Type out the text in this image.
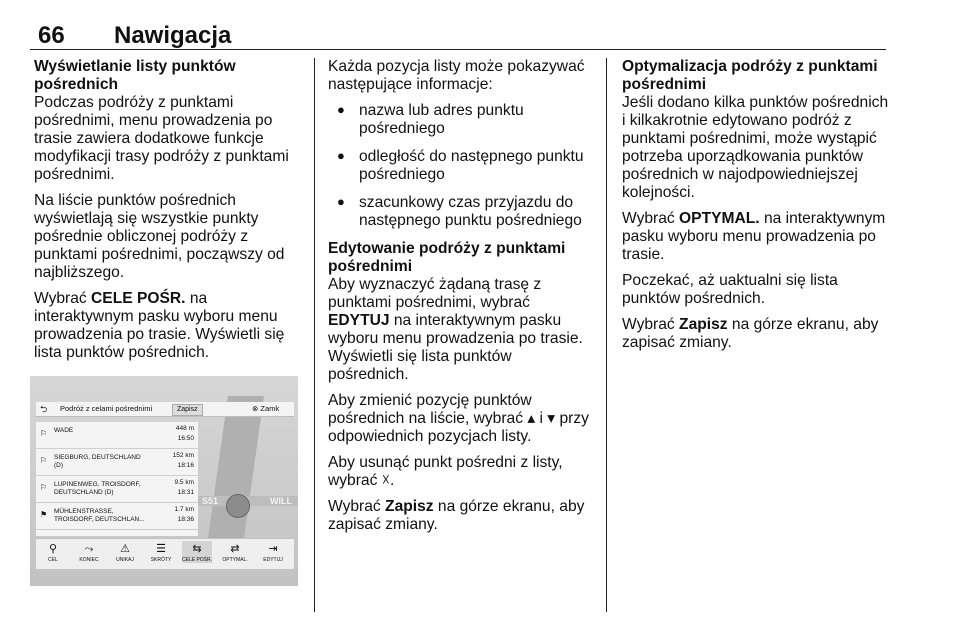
66 Nawigacja
Wyświetlanie listy punktów pośrednich

Podczas podróży z punktami pośrednimi, menu prowadzenia po trasie zawiera dodatkowe funkcje modyfikacji trasy podróży z punktami pośrednimi.

Na liście punktów pośrednich wyświetlają się wszystkie punkty pośrednie obliczonej podróży z punktami pośrednimi, począwszy od najbliższego.

Wybrać CELE POŚR. na interaktywnym pasku wyboru menu prowadzenia po trasie. Wyświetli się lista punktów pośrednich.

S51	WILL
⮌ Podróż z celami pośrednimi	Zapisz	⊗ Zamk
⚐ WADE	448 m
16:50
⚐ SIEGBURG, DEUTSCHLAND
(D)
152 km
18:16
⚐ LUPINENWEG, TROISDORF,
DEUTSCHLAND (D)
9.5 km
18:31
⚑ MÜHLENSTRASSE,
TROISDORF, DEUTSCHLAN...
1.7 km
18:36
⚲
CEL
⤳
KONIEC
⚠
UNIKAJ
☰
SKRÓTY
⇆
CELE POŚR.
⇄
OPTYMAL.
⇥
EDYTUJ

Każda pozycja listy może pokazywać następujące informacje:

● nazwa lub adres punktu pośredniego
● odległość do następnego punktu pośredniego
● szacunkowy czas przyjazdu do następnego punktu pośredniego
Edytowanie podróży z punktami pośrednimi

Aby wyznaczyć żądaną trasę z punktami pośrednimi, wybrać EDYTUJ na interaktywnym pasku wyboru menu prowadzenia po trasie. Wyświetli się lista punktów pośrednich.

Aby zmienić pozycję punktów pośrednich na liście, wybrać ▴ i ▾ przy odpowiednich pozycjach listy.

Aby usunąć punkt pośredni z listy, wybrać ☓.

Wybrać Zapisz na górze ekranu, aby zapisać zmiany.

Optymalizacja podróży z punktami pośrednimi

Jeśli dodano kilka punktów pośrednich i kilkakrotnie edytowano podróż z punktami pośrednimi, może wystąpić potrzeba uporządkowania punktów pośrednich w najodpowiedniejszej kolejności.

Wybrać OPTYMAL. na interaktywnym pasku wyboru menu prowadzenia po trasie.

Poczekać, aż uaktualni się lista punktów pośrednich.

Wybrać Zapisz na górze ekranu, aby zapisać zmiany.
